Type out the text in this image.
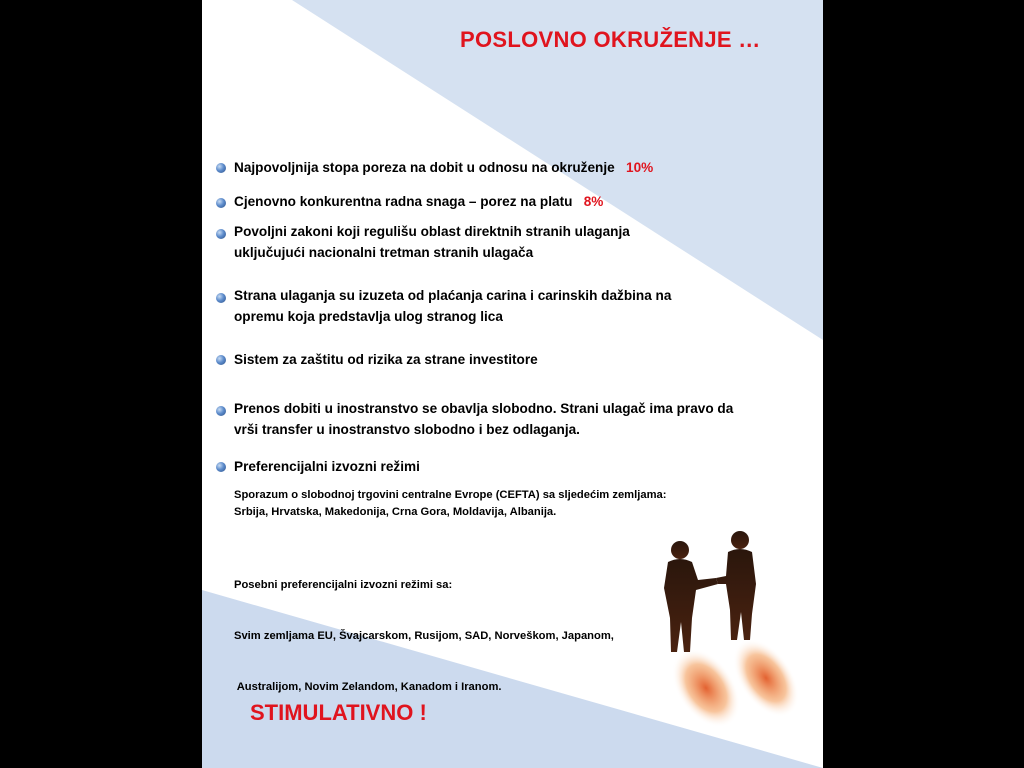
POSLOVNO OKRUŽENJE …
Najpovoljnija stopa poreza na dobit u odnosu na okruženje 10%
Cjenovno konkurentna radna snaga – porez na platu 8%
Povoljni zakoni koji regulišu oblast direktnih stranih ulaganja
uključujući nacionalni tretman stranih ulagača
Strana ulaganja su izuzeta od plaćanja carina i carinskih dažbina na
opremu koja predstavlja ulog stranog lica
Sistem za zaštitu od rizika za strane investitore
Prenos dobiti u inostranstvo se obavlja slobodno. Strani ulagač ima pravo da
vrši transfer u inostranstvo slobodno i bez odlaganja.
Preferencijalni izvozni režimi
Sporazum o slobodnoj trgovini centralne Evrope (CEFTA) sa sljedećim zemljama:
Srbija, Hrvatska, Makedonija, Crna Gora, Moldavija, Albanija.

Posebni preferencijalni izvozni režimi sa:

Svim zemljama EU, Švajcarskom, Rusijom, SAD, Norveškom, Japanom,

Australijom, Novim Zelandom, Kanadom i Iranom.

STIMULATIVNO !
